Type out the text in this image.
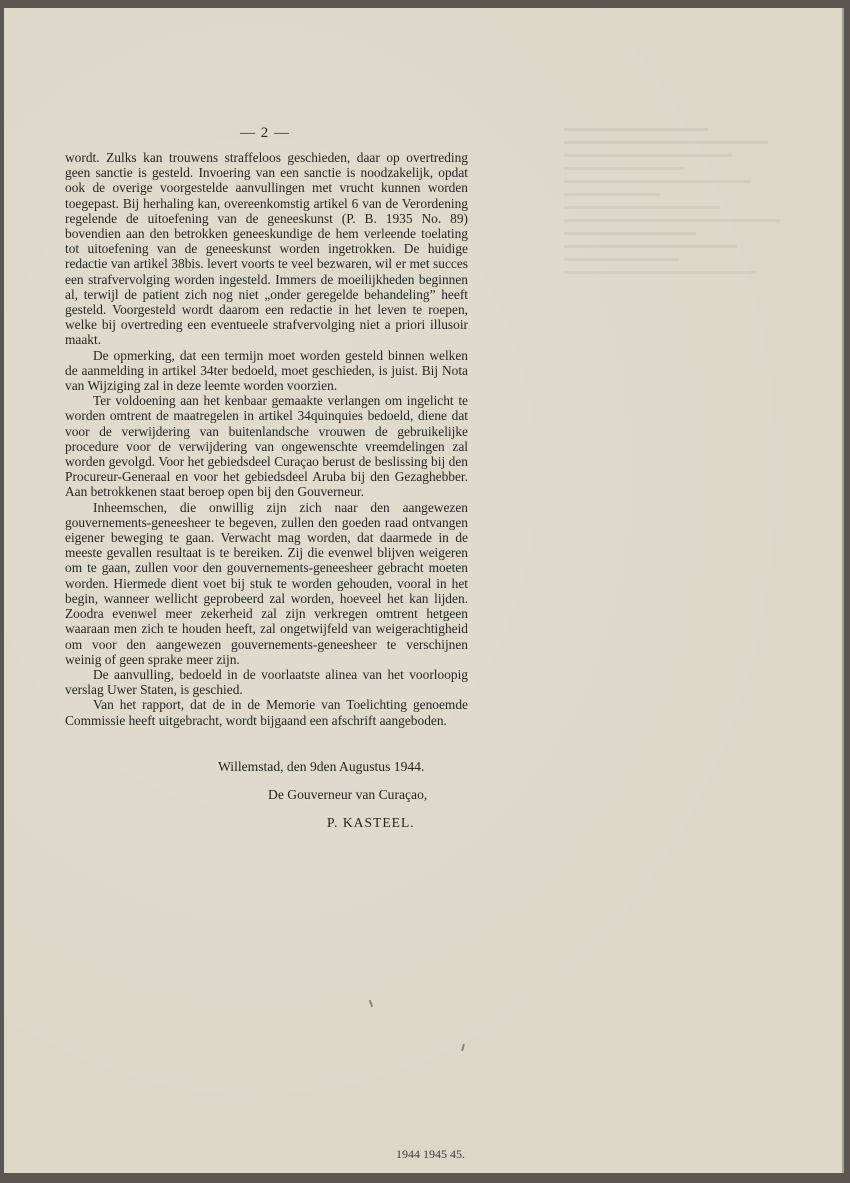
— 2 —

wordt. Zulks kan trouwens straffeloos geschieden, daar op overtreding geen sanctie is gesteld. Invoering van een sanctie is noodzakelijk, opdat ook de overige voorgestelde aanvullingen met vrucht kunnen worden toegepast. Bij herhaling kan, overeenkomstig artikel 6 van de Verordening regelende de uitoefening van de geneeskunst (P. B. 1935 No. 89) bovendien aan den betrokken geneeskundige de hem verleende toelating tot uitoefening van de geneeskunst worden ingetrokken. De huidige redactie van artikel 38bis. levert voorts te veel bezwaren, wil er met succes een strafvervolging worden ingesteld. Immers de moeilijkheden beginnen al, terwijl de patient zich nog niet „onder geregelde behandeling” heeft gesteld. Voorgesteld wordt daarom een redactie in het leven te roepen, welke bij overtreding een eventueele strafvervolging niet a priori illusoir maakt.

De opmerking, dat een termijn moet worden gesteld binnen welken de aanmelding in artikel 34ter bedoeld, moet geschieden, is juist. Bij Nota van Wijziging zal in deze leemte worden voorzien.

Ter voldoening aan het kenbaar gemaakte verlangen om ingelicht te worden omtrent de maatregelen in artikel 34quinquies bedoeld, diene dat voor de verwijdering van buitenlandsche vrouwen de gebruikelijke procedure voor de verwijdering van ongewenschte vreemdelingen zal worden gevolgd. Voor het gebiedsdeel Curaçao berust de beslissing bij den Procureur-Generaal en voor het gebiedsdeel Aruba bij den Gezaghebber. Aan betrokkenen staat beroep open bij den Gouverneur.

Inheemschen, die onwillig zijn zich naar den aangewezen gouvernements-geneesheer te begeven, zullen den goeden raad ontvangen eigener beweging te gaan. Verwacht mag worden, dat daarmede in de meeste gevallen resultaat is te bereiken. Zij die evenwel blijven weigeren om te gaan, zullen voor den gouvernements-geneesheer gebracht moeten worden. Hiermede dient voet bij stuk te worden gehouden, vooral in het begin, wanneer wellicht geprobeerd zal worden, hoeveel het kan lijden. Zoodra evenwel meer zekerheid zal zijn verkregen omtrent hetgeen waaraan men zich te houden heeft, zal ongetwijfeld van weigerachtigheid om voor den aangewezen gouvernements-geneesheer te verschijnen weinig of geen sprake meer zijn.

De aanvulling, bedoeld in de voorlaatste alinea van het voorloopig verslag Uwer Staten, is geschied.

Van het rapport, dat de in de Memorie van Toelichting genoemde Commissie heeft uitgebracht, wordt bijgaand een afschrift aangeboden.

Willemstad, den 9den Augustus 1944.
De Gouverneur van Curaçao,
P. KASTEEL.
1944 1945 45.
